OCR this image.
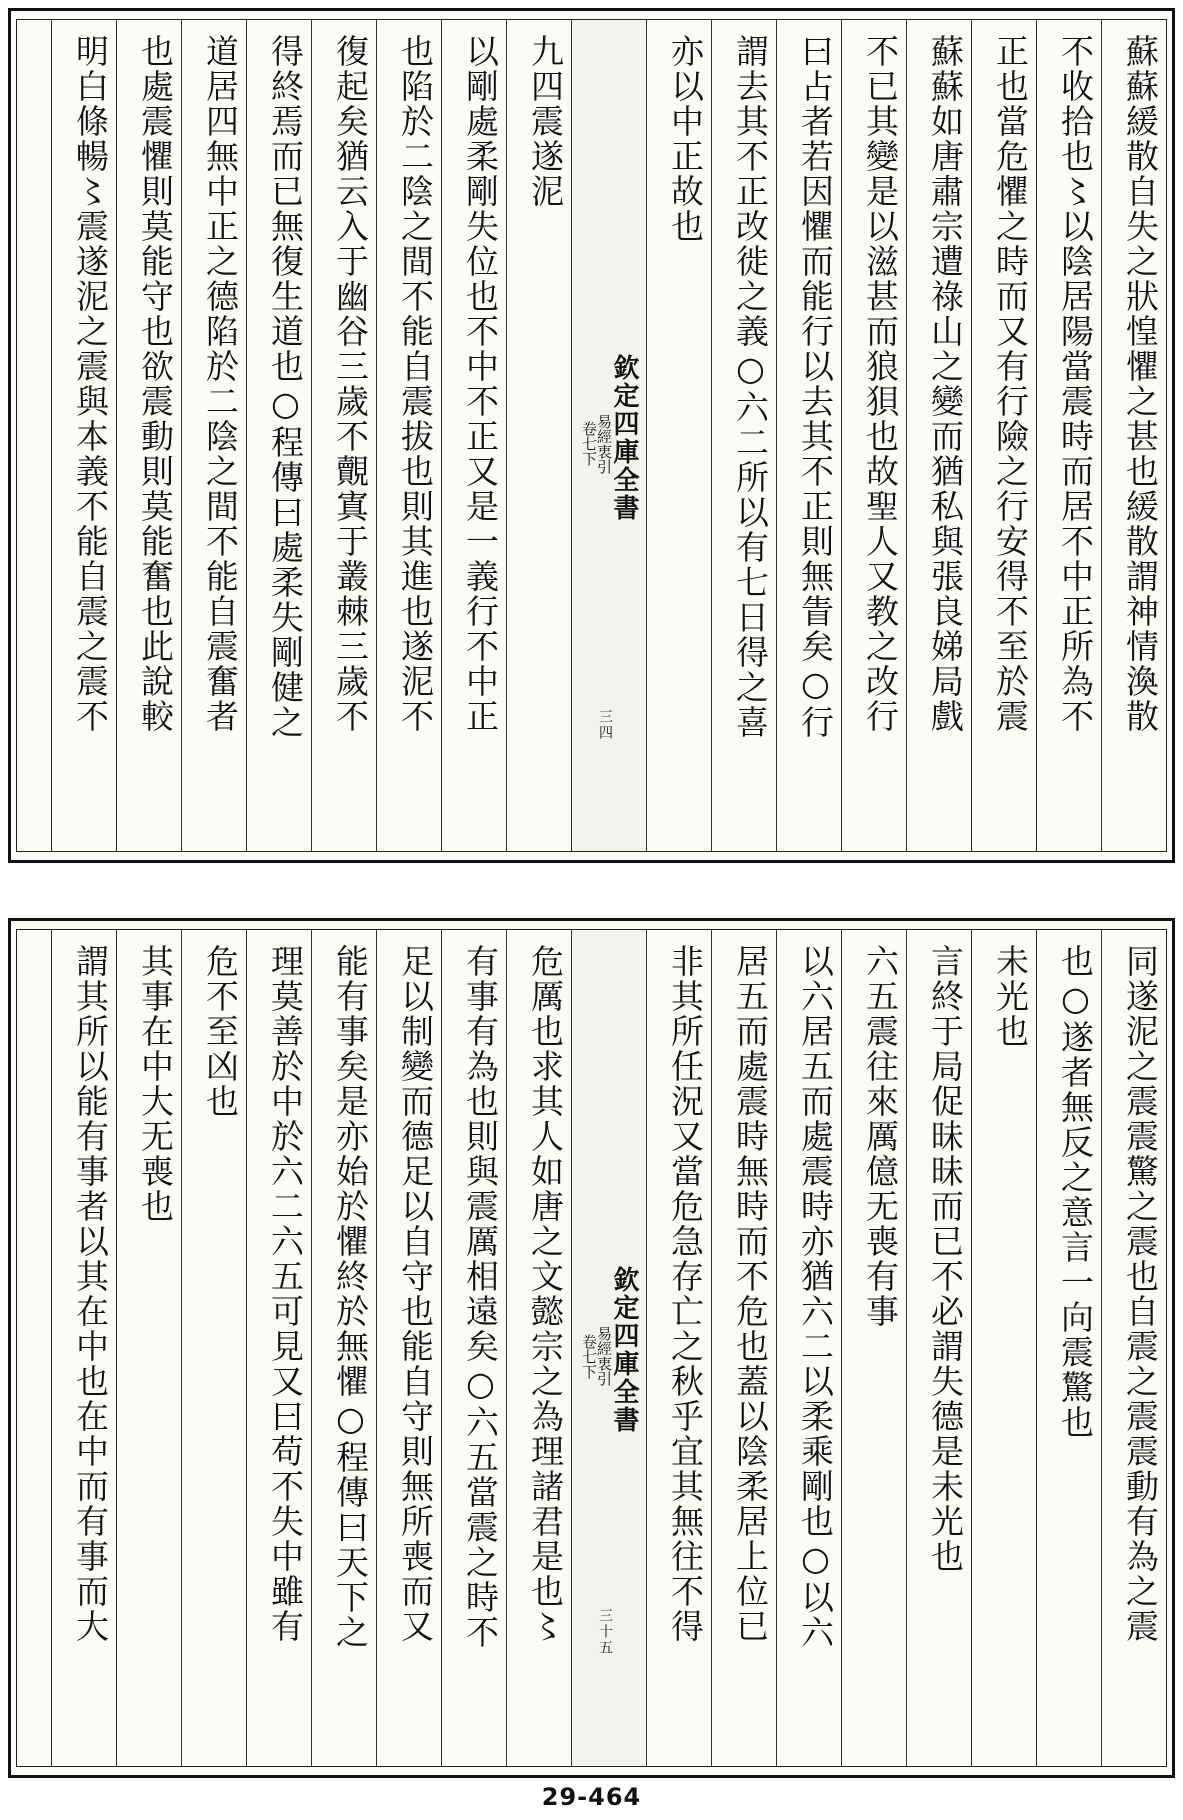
蘇蘇緩散自失之狀惶懼之甚也緩散謂神情渙散
不收拾也〻以陰居陽當震時而居不中正所為不
正也當危懼之時而又有行險之行安得不至於震
蘇蘇如唐肅宗遭祿山之變而猶私與張良娣局戲
不已其變是以滋甚而狼狽也故聖人又教之改行
曰占者若因懼而能行以去其不正則無眚矣○行
謂去其不正改徙之義○六二所以有七日得之喜
亦以中正故也
欽定四庫全書
易經衷引
卷七下
三四
九四震遂泥
以剛處柔剛失位也不中不正又是一義行不中正
也陷於二陰之間不能自震拔也則其進也遂泥不
復起矣猶云入于幽谷三歲不覿寘于叢棘三歲不
得終焉而已無復生道也○程傳曰處柔失剛健之
道居四無中正之德陷於二陰之間不能自震奮者
也處震懼則莫能守也欲震動則莫能奮也此說較
明白條暢〻震遂泥之震與本義不能自震之震不
同遂泥之震震驚之震也自震之震震動有為之震
也○遂者無反之意言一向震驚也
未光也
言終于局促昧昧而已不必謂失德是未光也
六五震往來厲億无喪有事
以六居五而處震時亦猶六二以柔乘剛也○以六
居五而處震時無時而不危也蓋以陰柔居上位已
非其所任況又當危急存亡之秋乎宜其無往不得
欽定四庫全書
易經衷引
卷七下
三十五
危厲也求其人如唐之文懿宗之為理諸君是也〻
有事有為也則與震厲相遠矣○六五當震之時不
足以制變而德足以自守也能自守則無所喪而又
能有事矣是亦始於懼終於無懼○程傳曰天下之
理莫善於中於六二六五可見又曰苟不失中雖有
危不至凶也
其事在中大无喪也
謂其所以能有事者以其在中也在中而有事而大
29-464
